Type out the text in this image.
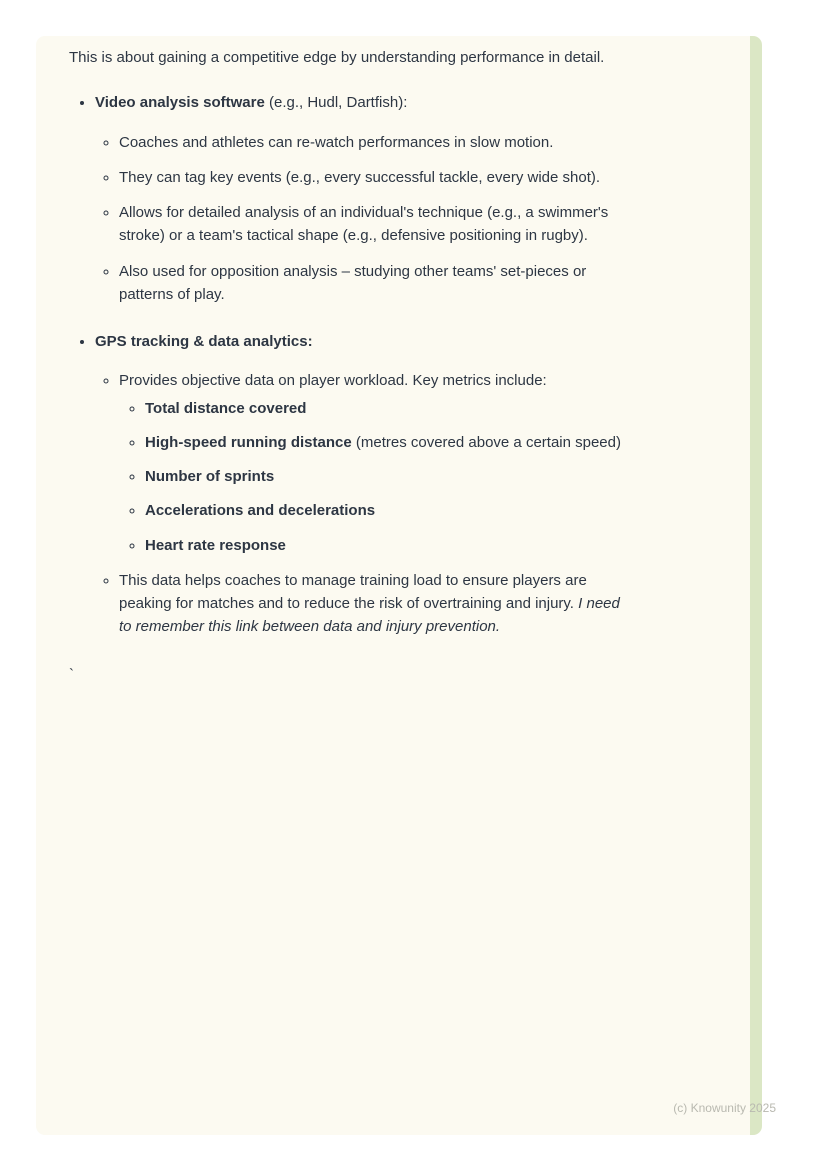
This is about gaining a competitive edge by understanding performance in detail.

• Video analysis software (e.g., Hudl, Dartfish):
◦ Coaches and athletes can re-watch performances in slow motion.
◦ They can tag key events (e.g., every successful tackle, every wide shot).
◦ Allows for detailed analysis of an individual's technique (e.g., a swimmer's stroke) or a team's tactical shape (e.g., defensive positioning in rugby).
◦ Also used for opposition analysis – studying other teams' set-pieces or patterns of play.
• GPS tracking & data analytics:
◦ Provides objective data on player workload. Key metrics include:
◦ Total distance covered
◦ High-speed running distance (metres covered above a certain speed)
◦ Number of sprints
◦ Accelerations and decelerations
◦ Heart rate response
◦ This data helps coaches to manage training load to ensure players are peaking for matches and to reduce the risk of overtraining and injury. I need to remember this link between data and injury prevention.

`

(c) Knowunity 2025
